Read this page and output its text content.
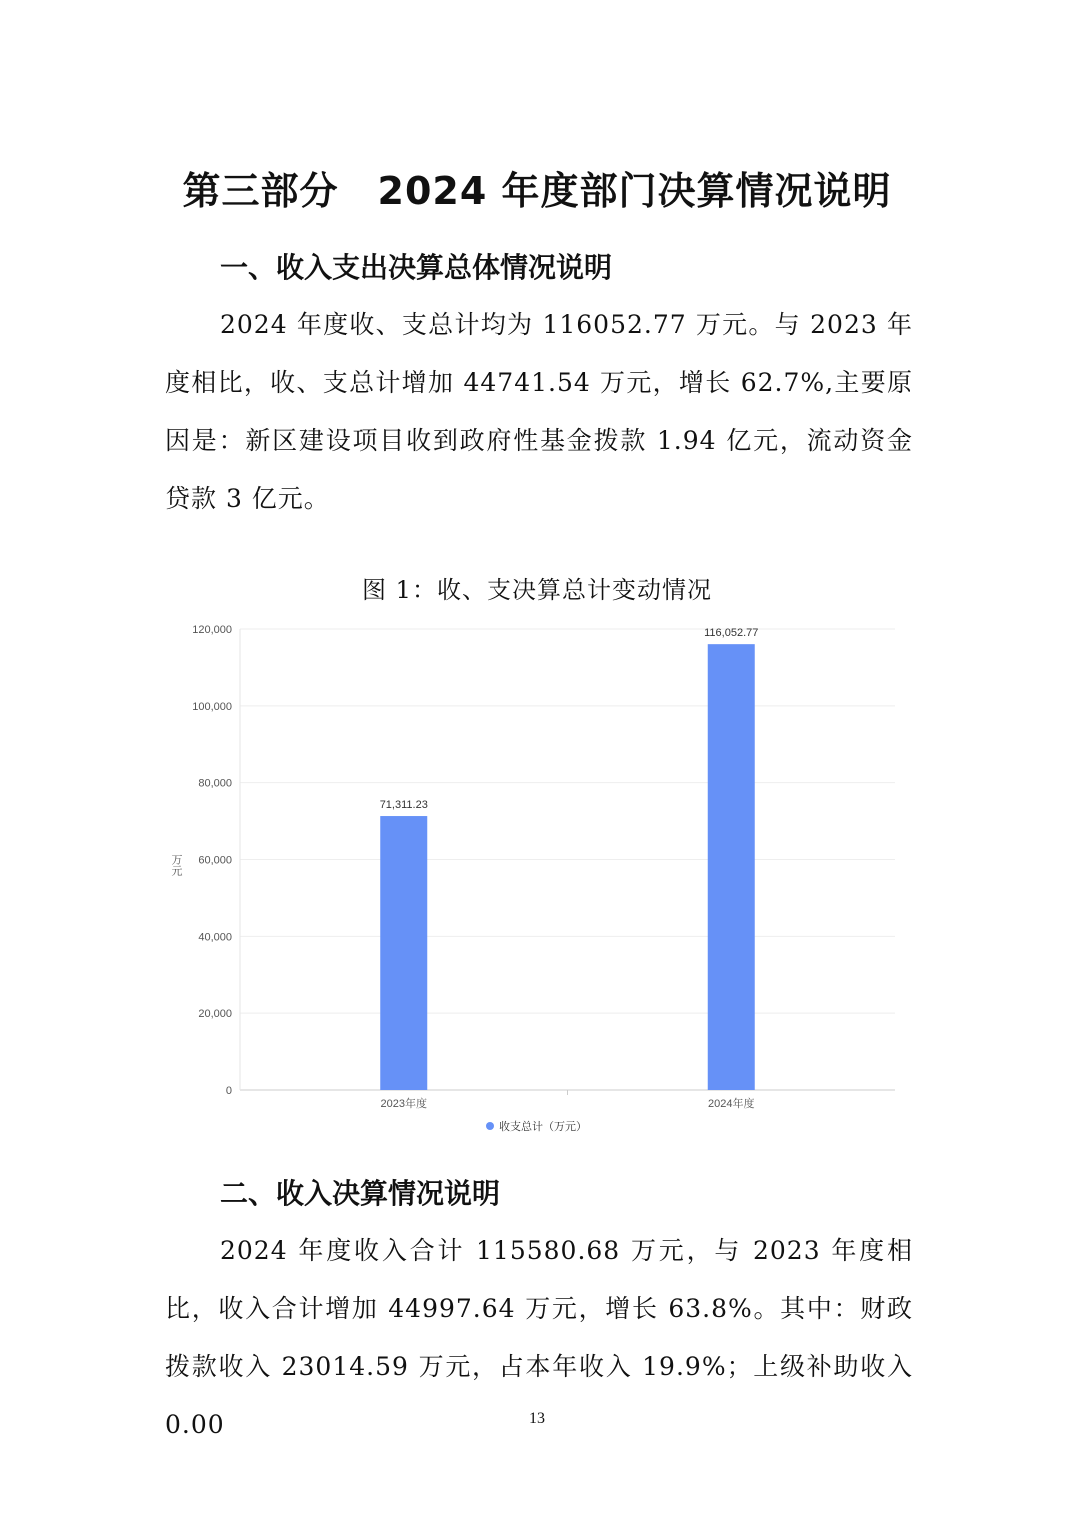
第三部分　2024 年度部门决算情况说明
一、收入支出决算总体情况说明
2024 年度收、支总计均为 116052.77 万元。与 2023 年度相比，收、支总计增加 44741.54 万元，增长 62.7%,主要原因是：新区建设项目收到政府性基金拨款 1.94 亿元，流动资金贷款 3 亿元。
图 1：收、支决算总计变动情况
0
20,000
40,000
60,000
80,000
100,000
120,000
71,311.23
116,052.77
2023年度	2024年度
万元
收支总计（万元）
二、收入决算情况说明
2024 年度收入合计 115580.68 万元，与 2023 年度相比，收入合计增加 44997.64 万元，增长 63.8%。其中：财政拨款收入 23014.59 万元，占本年收入 19.9%；上级补助收入 0.00	13
